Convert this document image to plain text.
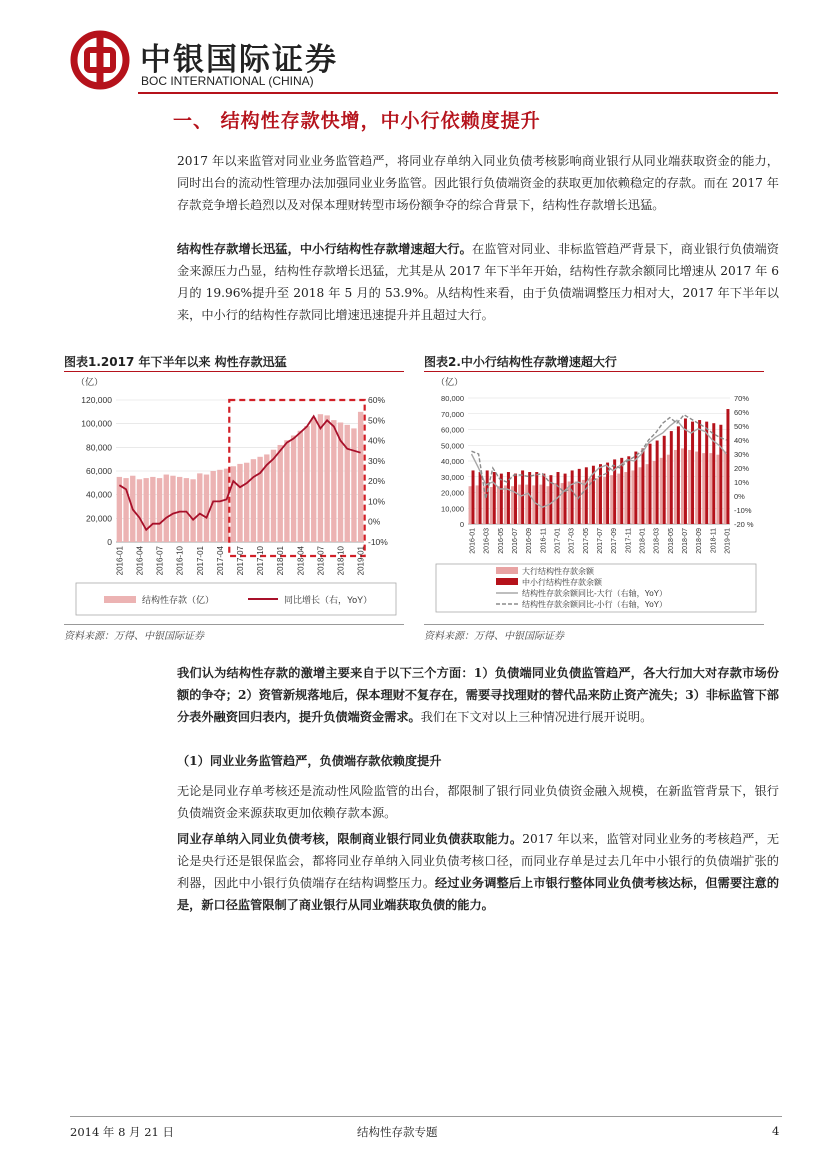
中银国际证券
BOC INTERNATIONAL (CHINA)
一、 结构性存款快增，中小行依赖度提升
2017 年以来监管对同业业务监管趋严，将同业存单纳入同业负债考核影响商业银行从同业端获取资金的能力，同时出台的流动性管理办法加强同业业务监管。因此银行负债端资金的获取更加依赖稳定的存款。而在 2017 年存款竞争增长趋烈以及对保本理财转型市场份额争夺的综合背景下，结构性存款增长迅猛。
结构性存款增长迅猛，中小行结构性存款增速超大行。在监管对同业、非标监管趋严背景下，商业银行负债端资金来源压力凸显，结构性存款增长迅猛，尤其是从 2017 年下半年开始，结构性存款余额同比增速从 2017 年 6 月的 19.96%提升至 2018 年 5 月的 53.9%。从结构性来看，由于负债端调整压力相对大，2017 年下半年以来，中小行的结构性存款同比增速迅速提升并且超过大行。
图表1.2017 年下半年以来 构性存款迅猛
0
20,000
40,000
60,000
80,000
100,000
120,000
-10%
0%
10%
20%
30%
40%
50%
60%
2016-01 2016-04 2016-07 2016-10 2017-01 2017-04 2017-07 2017-10 2018-01 2018-04 2018-07 2018-10 2019-01
（亿）
结构性存款（亿）	同比增长（右，YoY）
资料来源：万得、中银国际证券
图表2.中小行结构性存款增速超大行
0
10,000
20,000
30,000
40,000
50,000
60,000
70,000
80,000
-20 %
-10%
0%
10%
20%
30%
40%
50%
60%
70%
2016-01 2016-03 2016-05 2016-07 2016-09 2016-11 2017-01 2017-03 2017-05 2017-07 2017-09 2017-11 2018-01 2018-03 2018-05 2018-07 2018-09 2018-11 2019-01
（亿）
大行结构性存款余额
中小行结构性存款余额
结构性存款余额同比-大行（右轴，YoY）
结构性存款余额同比-小行（右轴，YoY）
资料来源：万得、中银国际证券
我们认为结构性存款的激增主要来自于以下三个方面：1）负债端同业负债监管趋严，各大行加大对存款市场份额的争夺；2）资管新规落地后，保本理财不复存在，需要寻找理财的替代品来防止资产流失；3）非标监管下部分表外融资回归表内，提升负债端资金需求。我们在下文对以上三种情况进行展开说明。
（1）同业业务监管趋严，负债端存款依赖度提升
无论是同业存单考核还是流动性风险监管的出台，都限制了银行同业负债资金融入规模，在新监管背景下，银行负债端资金来源获取更加依赖存款本源。
同业存单纳入同业负债考核，限制商业银行同业负债获取能力。2017 年以来，监管对同业业务的考核趋严，无论是央行还是银保监会，都将同业存单纳入同业负债考核口径，而同业存单是过去几年中小银行的负债端扩张的利器，因此中小银行负债端存在结构调整压力。经过业务调整后上市银行整体同业负债考核达标，但需要注意的是，新口径监管限制了商业银行从同业端获取负债的能力。
2014 年 8 月 21 日	结构性存款专题	4
